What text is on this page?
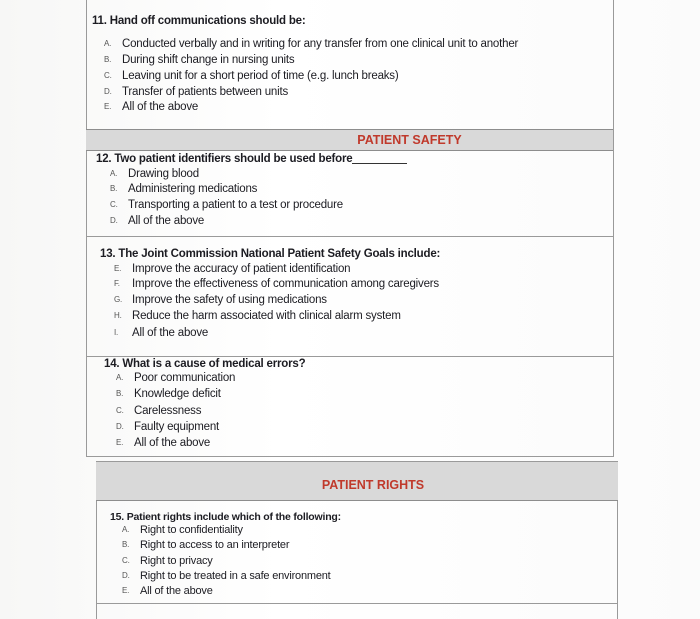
11. Hand off communications should be:
A. Conducted verbally and in writing for any transfer from one clinical unit to another
B. During shift change in nursing units
C. Leaving unit for a short period of time (e.g. lunch breaks)
D. Transfer of patients between units
E. All of the above
PATIENT SAFETY
12. Two patient identifiers should be used before
A. Drawing blood
B. Administering medications
C. Transporting a patient to a test or procedure
D. All of the above
13. The Joint Commission National Patient Safety Goals include:
E. Improve the accuracy of patient identification
F. Improve the effectiveness of communication among caregivers
G. Improve the safety of using medications
H. Reduce the harm associated with clinical alarm system
I. All of the above
14. What is a cause of medical errors?
A. Poor communication
B. Knowledge deficit
C. Carelessness
D. Faulty equipment
E. All of the above
PATIENT RIGHTS
15. Patient rights include which of the following:
A. Right to confidentiality
B. Right to access to an interpreter
C. Right to privacy
D. Right to be treated in a safe environment
E. All of the above
